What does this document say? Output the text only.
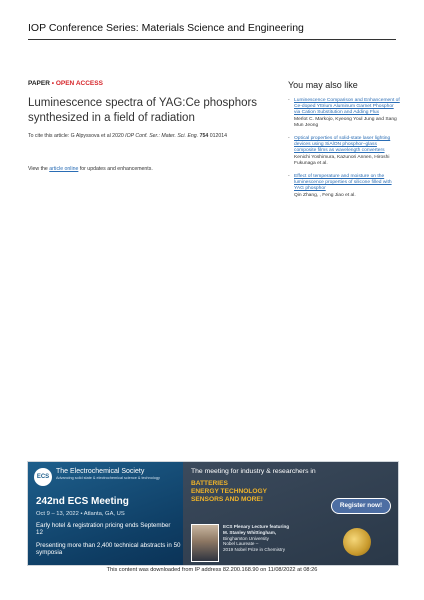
IOP Conference Series: Materials Science and Engineering
PAPER • OPEN ACCESS
Luminescence spectra of YAG:Ce phosphors synthesized in a field of radiation
To cite this article: G Alpyssova et al 2020 IOP Conf. Ser.: Mater. Sci. Eng. 754 012014
View the article online for updates and enhancements.
You may also like
- Luminescence Comparison and Enhancement of Ce-doped Yttrium Aluminum Garnet Phosphor via Cation Substitution and Adding Flux
Merlot C. Markojo, Kyeong Youl Jung and Sang Mun Jeong
- Optical properties of solid-state laser lighting devices using SiAlON phosphor–glass composite films as wavelength converters
Kenichi Yoshimura, Kazunori Annen, Hiroshi Fukunaga et al.
- Effect of temperature and moisture on the luminescence properties of silicone filled with YAG phosphor
Qin Zhang, , Feng Jiao et al.
ECS
The Electrochemical Society
Advancing solid state & electrochemical science & technology
242nd ECS Meeting
Oct 9 – 13, 2022 • Atlanta, GA, US
Early hotel & registration pricing ends September 12
Presenting more than 2,400 technical abstracts in 50 symposia
The meeting for industry & researchers in
BATTERIES
ENERGY TECHNOLOGY
SENSORS AND MORE!
Register now!
ECS Plenary Lecture featuring
M. Stanley Whittingham,
Binghamton University
Nobel Laureate –
2019 Nobel Prize in Chemistry
This content was downloaded from IP address 82.200.168.90 on 11/08/2022 at 08:26
